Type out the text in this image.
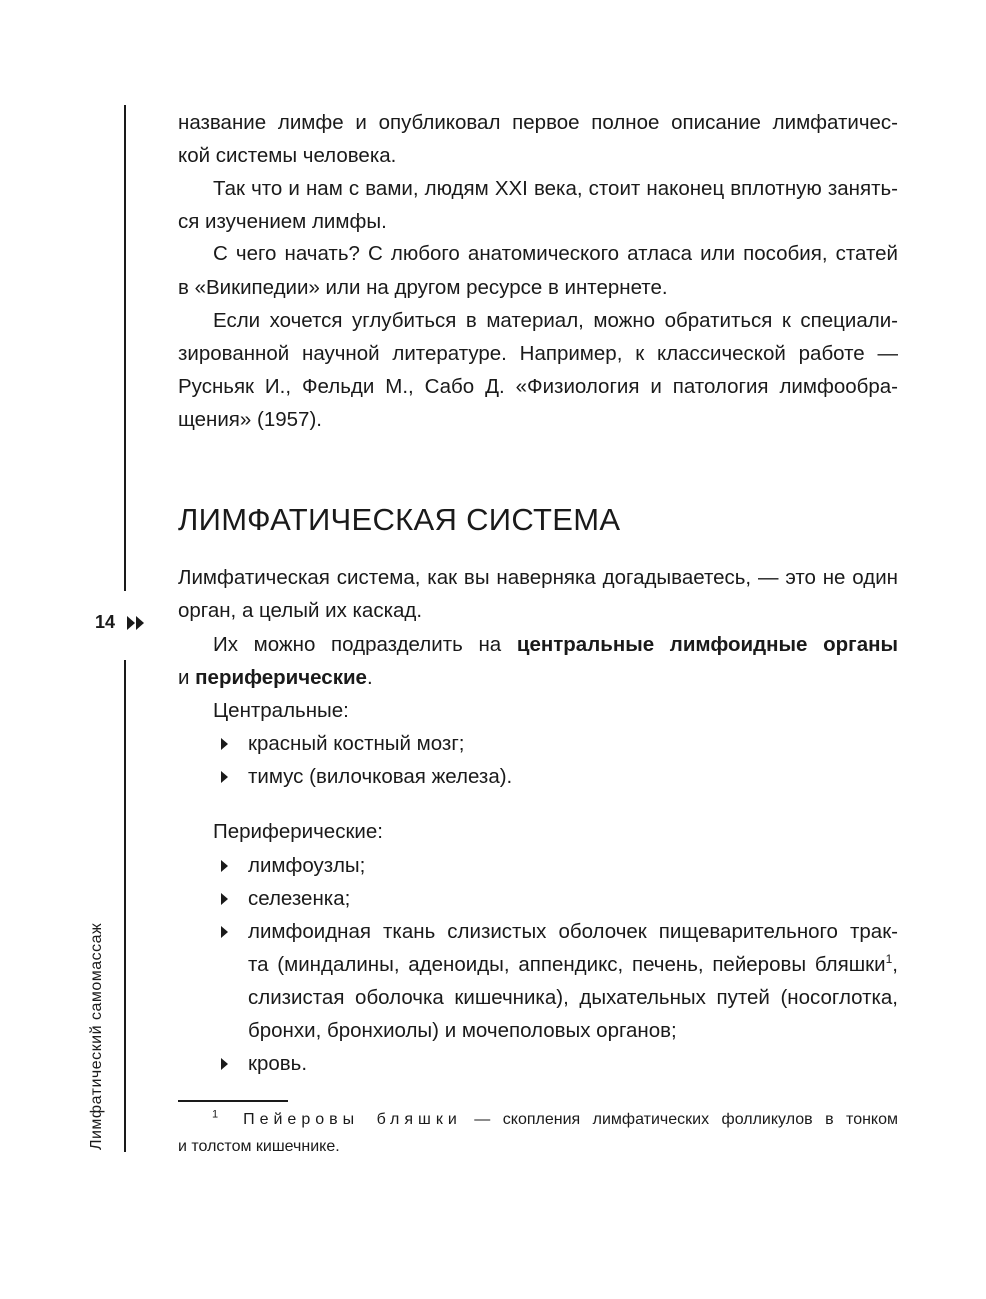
14
Лимфатический самомассаж
название лимфе и опубликовал первое полное описание лимфатичес-
кой системы человека.
Так что и нам с вами, людям XXI века, стоит наконец вплотную занять-
ся изучением лимфы.
С чего начать? С любого анатомического атласа или пособия, статей
в «Википедии» или на другом ресурсе в интернете.
Если хочется углубиться в материал, можно обратиться к специали-
зированной научной литературе. Например, к классической работе —
Русньяк И., Фельди М., Сабо Д. «Физиология и патология лимфообра-
щения» (1957).
ЛИМФАТИЧЕСКАЯ СИСТЕМА
Лимфатическая система, как вы наверняка догадываетесь, — это не один
орган, а целый их каскад.
Их можно подразделить на центральные лимфоидные органы
и периферические.
Центральные:
красный костный мозг;
тимус (вилочковая железа).
Периферические:
лимфоузлы;
селезенка;
лимфоидная ткань слизистых оболочек пищеварительного трак-
та (миндалины, аденоиды, аппендикс, печень, пейеровы бляшки$^1$,
слизистая оболочка кишечника), дыхательных путей (носоглотка,
бронхи, бронхиолы) и мочеполовых органов;
кровь.
$^1$ Пейеровы бляшки — скопления лимфатических фолликулов в тонком
и толстом кишечнике.
